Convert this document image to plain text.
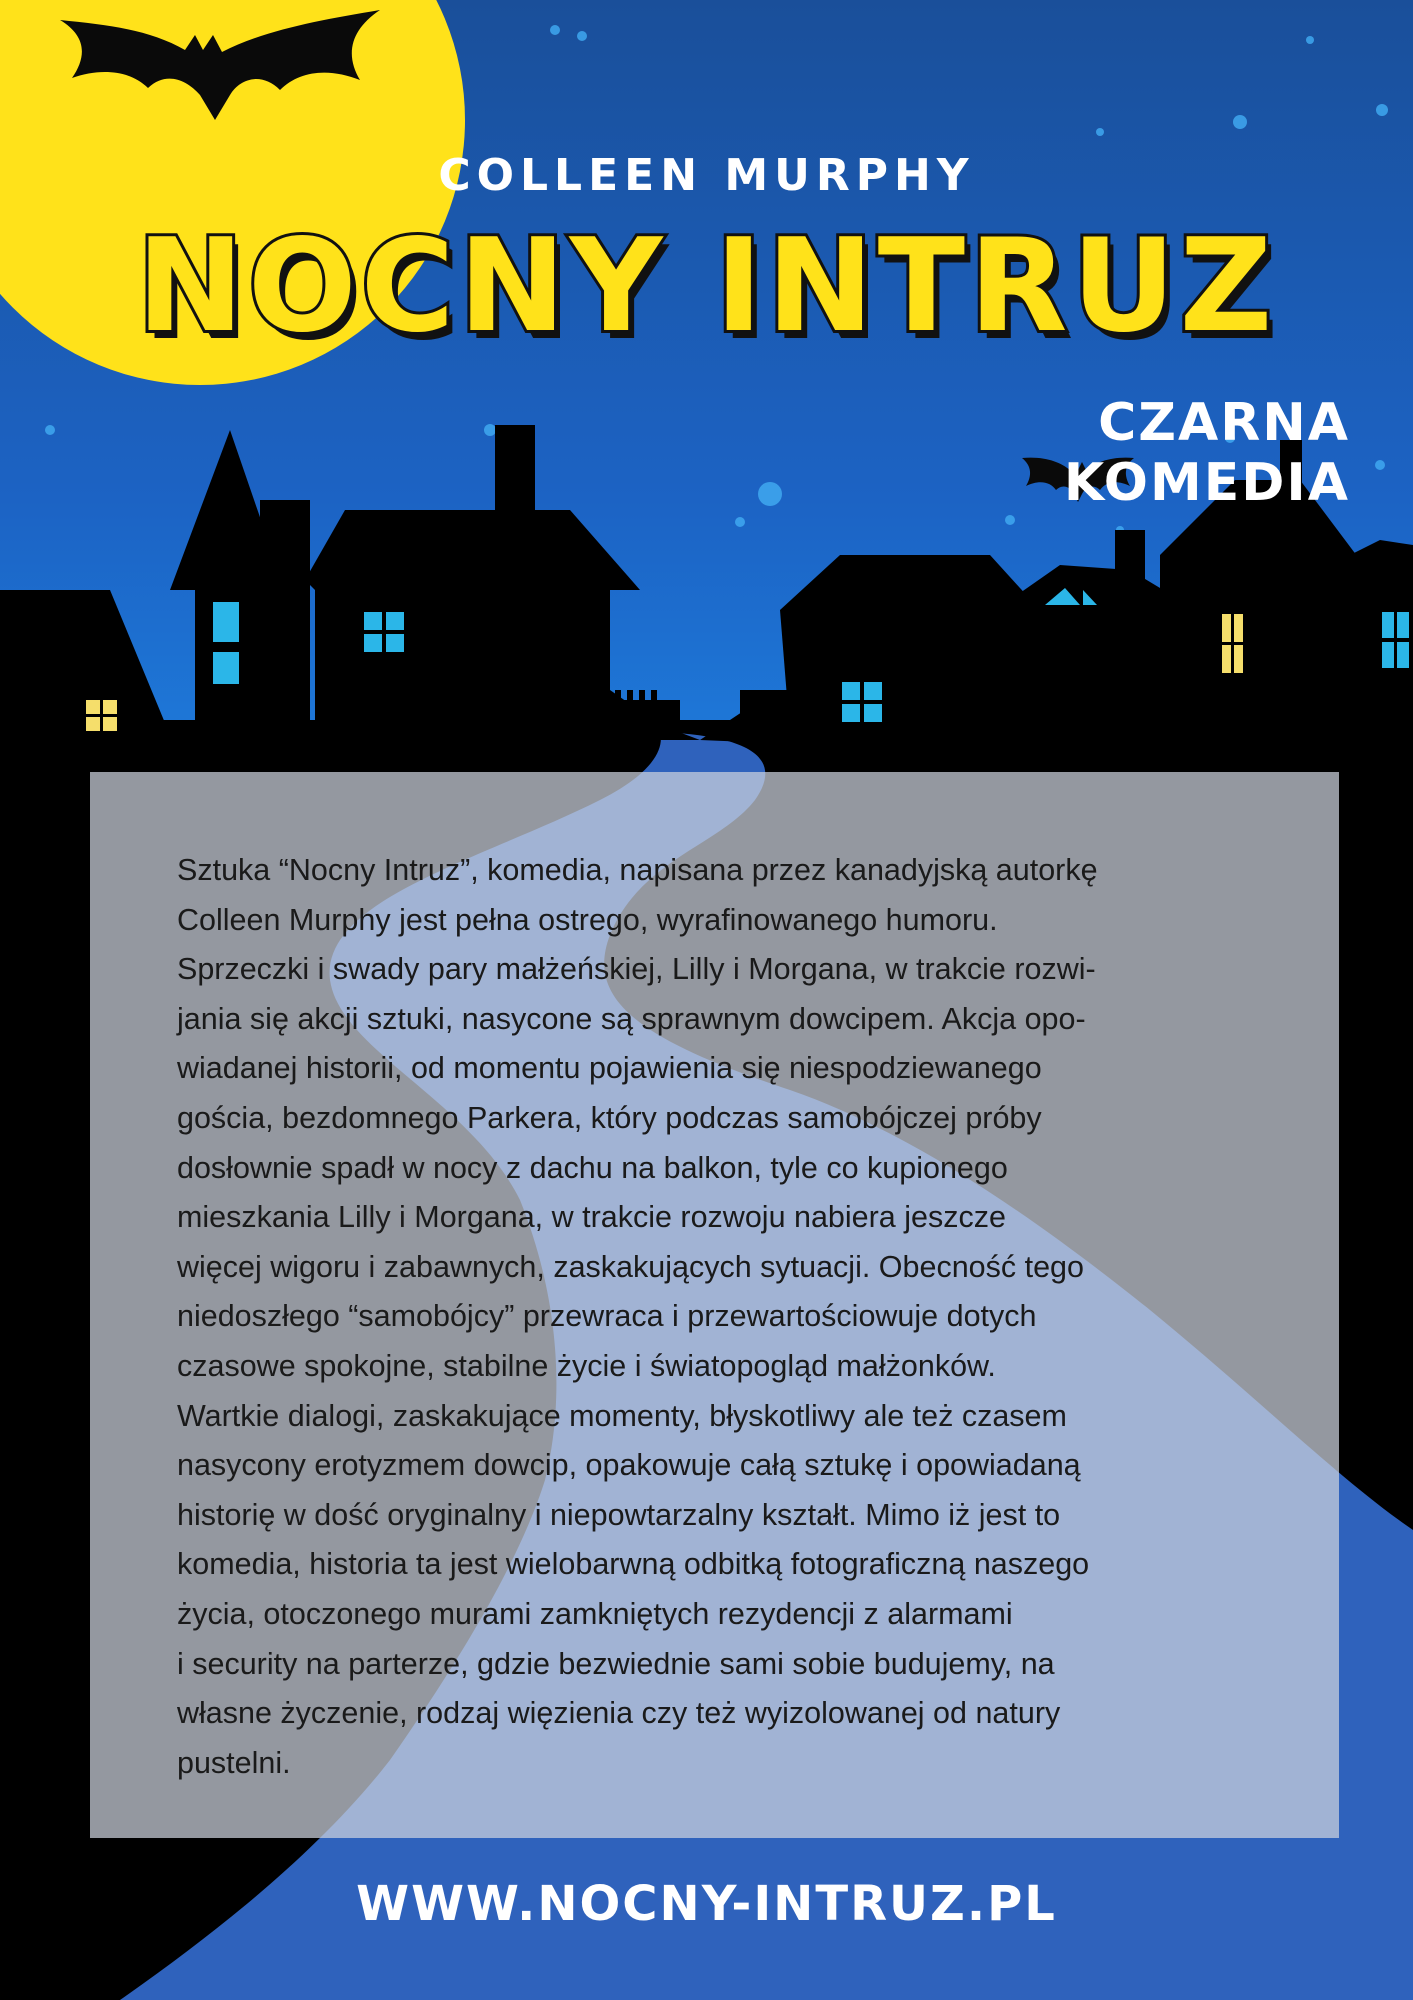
COLLEEN MURPHY
NOCNY INTRUZ
CZARNA KOMEDIA

Sztuka “Nocny Intruz”, komedia, napisana przez kanadyjską autorkę
Colleen Murphy jest pełna ostrego, wyrafinowanego humoru.
Sprzeczki i swady pary małżeńskiej, Lilly i Morgana, w trakcie rozwi-
jania się akcji sztuki, nasycone są sprawnym dowcipem. Akcja opo-
wiadanej historii, od momentu pojawienia się niespodziewanego
gościa, bezdomnego Parkera, który podczas samobójczej próby
dosłownie spadł w nocy z dachu na balkon, tyle co kupionego
mieszkania Lilly i Morgana, w trakcie rozwoju nabiera jeszcze
więcej wigoru i zabawnych, zaskakujących sytuacji. Obecność tego
niedoszłego “samobójcy” przewraca i przewartościowuje dotych
czasowe spokojne, stabilne życie i światopogląd małżonków.
Wartkie dialogi, zaskakujące momenty, błyskotliwy ale też czasem
nasycony erotyzmem dowcip, opakowuje całą sztukę i opowiadaną
historię w dość oryginalny i niepowtarzalny kształt. Mimo iż jest to
komedia, historia ta jest wielobarwną odbitką fotograficzną naszego
życia, otoczonego murami zamkniętych rezydencji z alarmami
i security na parterze, gdzie bezwiednie sami sobie budujemy, na
własne życzenie, rodzaj więzienia czy też wyizolowanej od natury
pustelni.

WWW.NOCNY-INTRUZ.PL
